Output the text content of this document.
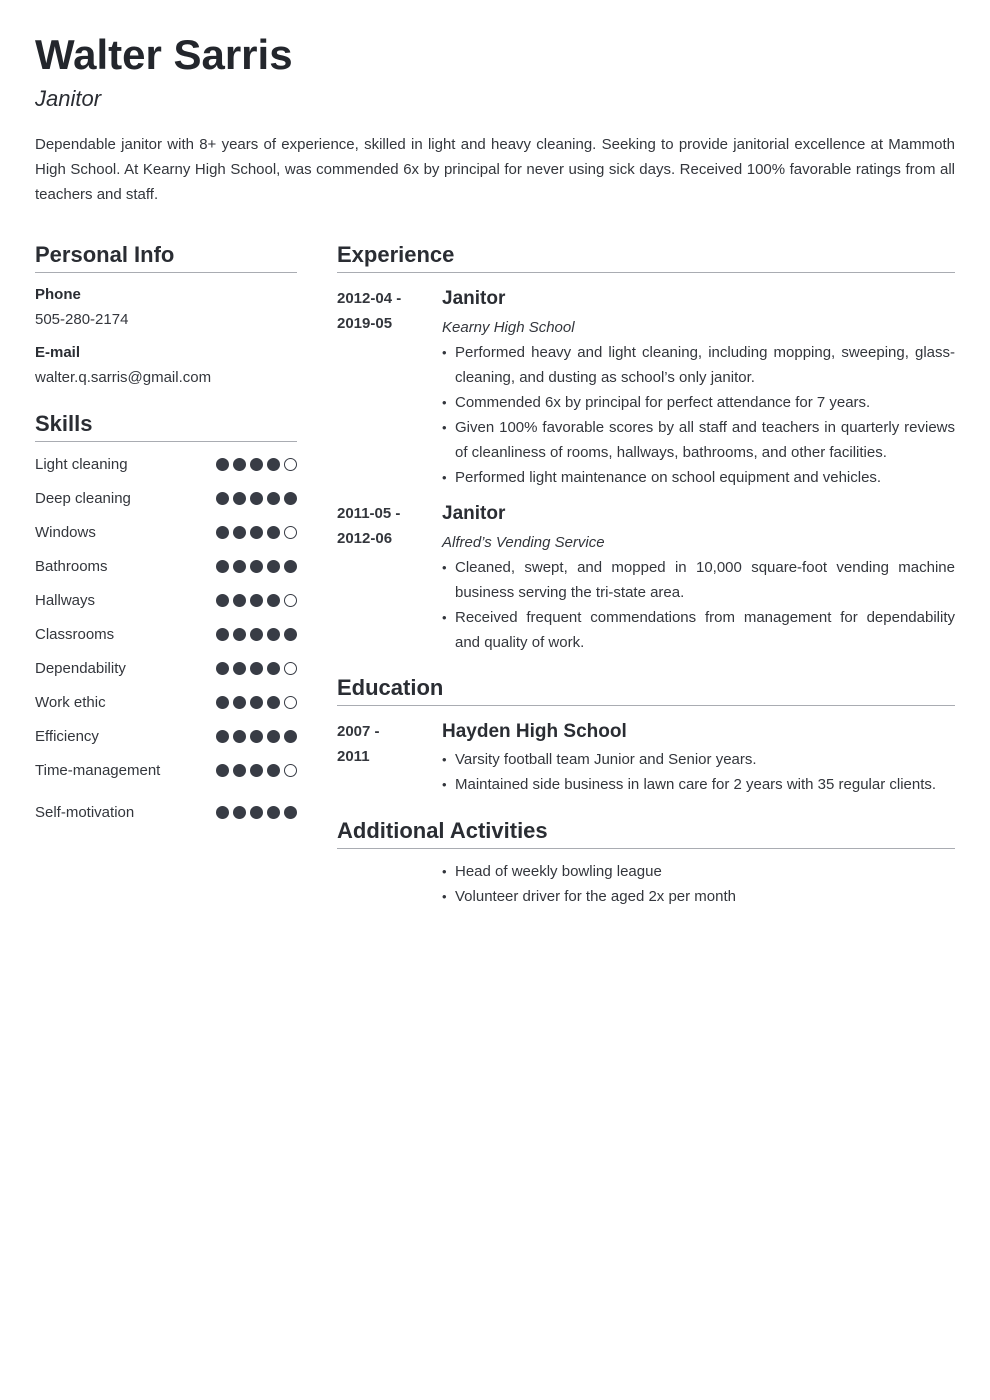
Walter Sarris
Janitor
Dependable janitor with 8+ years of experience, skilled in light and heavy cleaning. Seeking to provide janitorial excellence at Mammoth High School. At Kearny High School, was commended 6x by principal for never using sick days. Received 100% favorable ratings from all teachers and staff.
Personal Info
Phone
505-280-2174
E-mail
walter.q.sarris@gmail.com
Skills
Light cleaning
Deep cleaning
Windows
Bathrooms
Hallways
Classrooms
Dependability
Work ethic
Efficiency
Time-management
Self-motivation
Experience
2012-04 -
2019-05
Janitor
Kearny High School
• Performed heavy and light cleaning, including mopping, sweeping, glass-cleaning, and dusting as school’s only janitor.
• Commended 6x by principal for perfect attendance for 7 years.
• Given 100% favorable scores by all staff and teachers in quarterly reviews of cleanliness of rooms, hallways, bathrooms, and other facilities.
• Performed light maintenance on school equipment and vehicles.
2011-05 -
2012-06
Janitor
Alfred’s Vending Service
• Cleaned, swept, and mopped in 10,000 square-foot vending machine business serving the tri-state area.
• Received frequent commendations from management for dependability and quality of work.
Education
2007 -
2011
Hayden High School
• Varsity football team Junior and Senior years.
• Maintained side business in lawn care for 2 years with 35 regular clients.
Additional Activities
• Head of weekly bowling league
• Volunteer driver for the aged 2x per month
